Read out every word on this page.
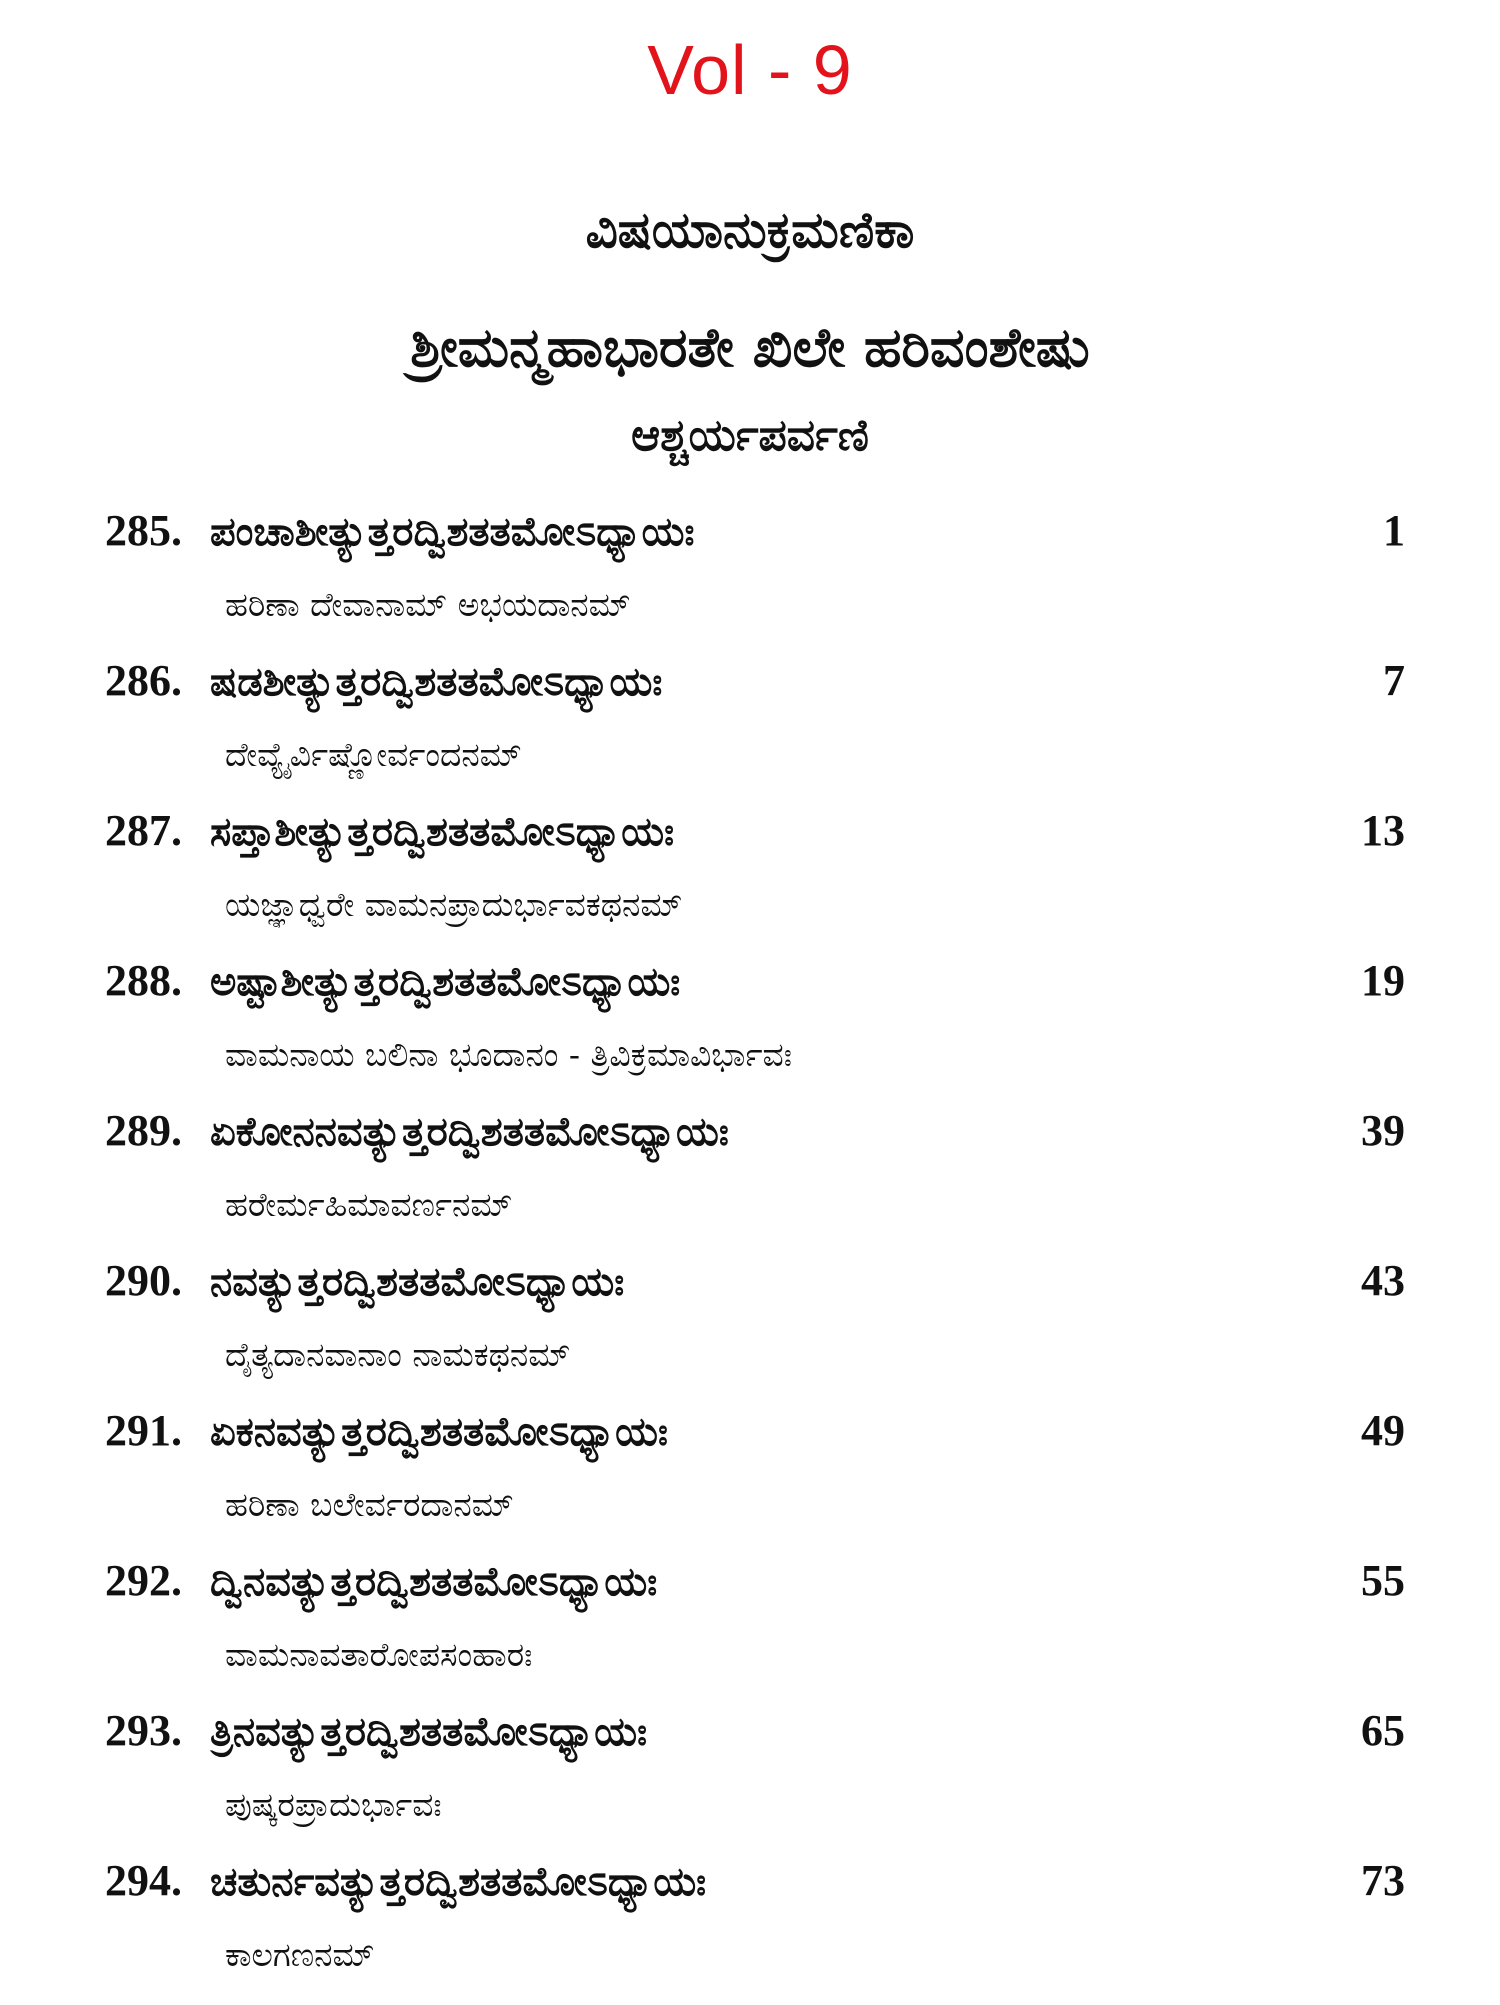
Vol - 9
ವಿಷಯಾನುಕ್ರಮಣಿಕಾ
ಶ್ರೀಮನ್ಮಹಾಭಾರತೇ ಖಿಲೇ ಹರಿವಂಶೇಷು
ಆಶ್ಚರ್ಯಪರ್ವಣಿ
285. ಪಂಚಾಶೀತ್ಯುತ್ತರದ್ವಿಶತತಮೋಽಧ್ಯಾಯಃ	1
ಹರಿಣಾ ದೇವಾನಾಮ್ ಅಭಯದಾನಮ್
286. ಷಡಶೀತ್ಯುತ್ತರದ್ವಿಶತತಮೋಽಧ್ಯಾಯಃ	7
ದೇವ್ಯೈರ್ವಿಷ್ಣೋರ್ವಂದನಮ್
287. ಸಪ್ತಾಶೀತ್ಯುತ್ತರದ್ವಿಶತತಮೋಽಧ್ಯಾಯಃ	13
ಯಜ್ಞಾಧ್ವರೇ ವಾಮನಪ್ರಾದುರ್ಭಾವಕಥನಮ್
288. ಅಷ್ಟಾಶೀತ್ಯುತ್ತರದ್ವಿಶತತಮೋಽಧ್ಯಾಯಃ	19
ವಾಮನಾಯ ಬಲಿನಾ ಭೂದಾನಂ - ತ್ರಿವಿಕ್ರಮಾವಿರ್ಭಾವಃ
289. ಏಕೋನನವತ್ಯುತ್ತರದ್ವಿಶತತಮೋಽಧ್ಯಾಯಃ	39
ಹರೇರ್ಮಹಿಮಾವರ್ಣನಮ್
290. ನವತ್ಯುತ್ತರದ್ವಿಶತತಮೋಽಧ್ಯಾಯಃ	43
ದೈತ್ಯದಾನವಾನಾಂ ನಾಮಕಥನಮ್
291. ಏಕನವತ್ಯುತ್ತರದ್ವಿಶತತಮೋಽಧ್ಯಾಯಃ	49
ಹರಿಣಾ ಬಲೇರ್ವರದಾನಮ್
292. ದ್ವಿನವತ್ಯುತ್ತರದ್ವಿಶತತಮೋಽಧ್ಯಾಯಃ	55
ವಾಮನಾವತಾರೋಪಸಂಹಾರಃ
293. ತ್ರಿನವತ್ಯುತ್ತರದ್ವಿಶತತಮೋಽಧ್ಯಾಯಃ	65
ಪುಷ್ಕರಪ್ರಾದುರ್ಭಾವಃ
294. ಚತುರ್ನವತ್ಯುತ್ತರದ್ವಿಶತತಮೋಽಧ್ಯಾಯಃ	73
ಕಾಲಗಣನಮ್
